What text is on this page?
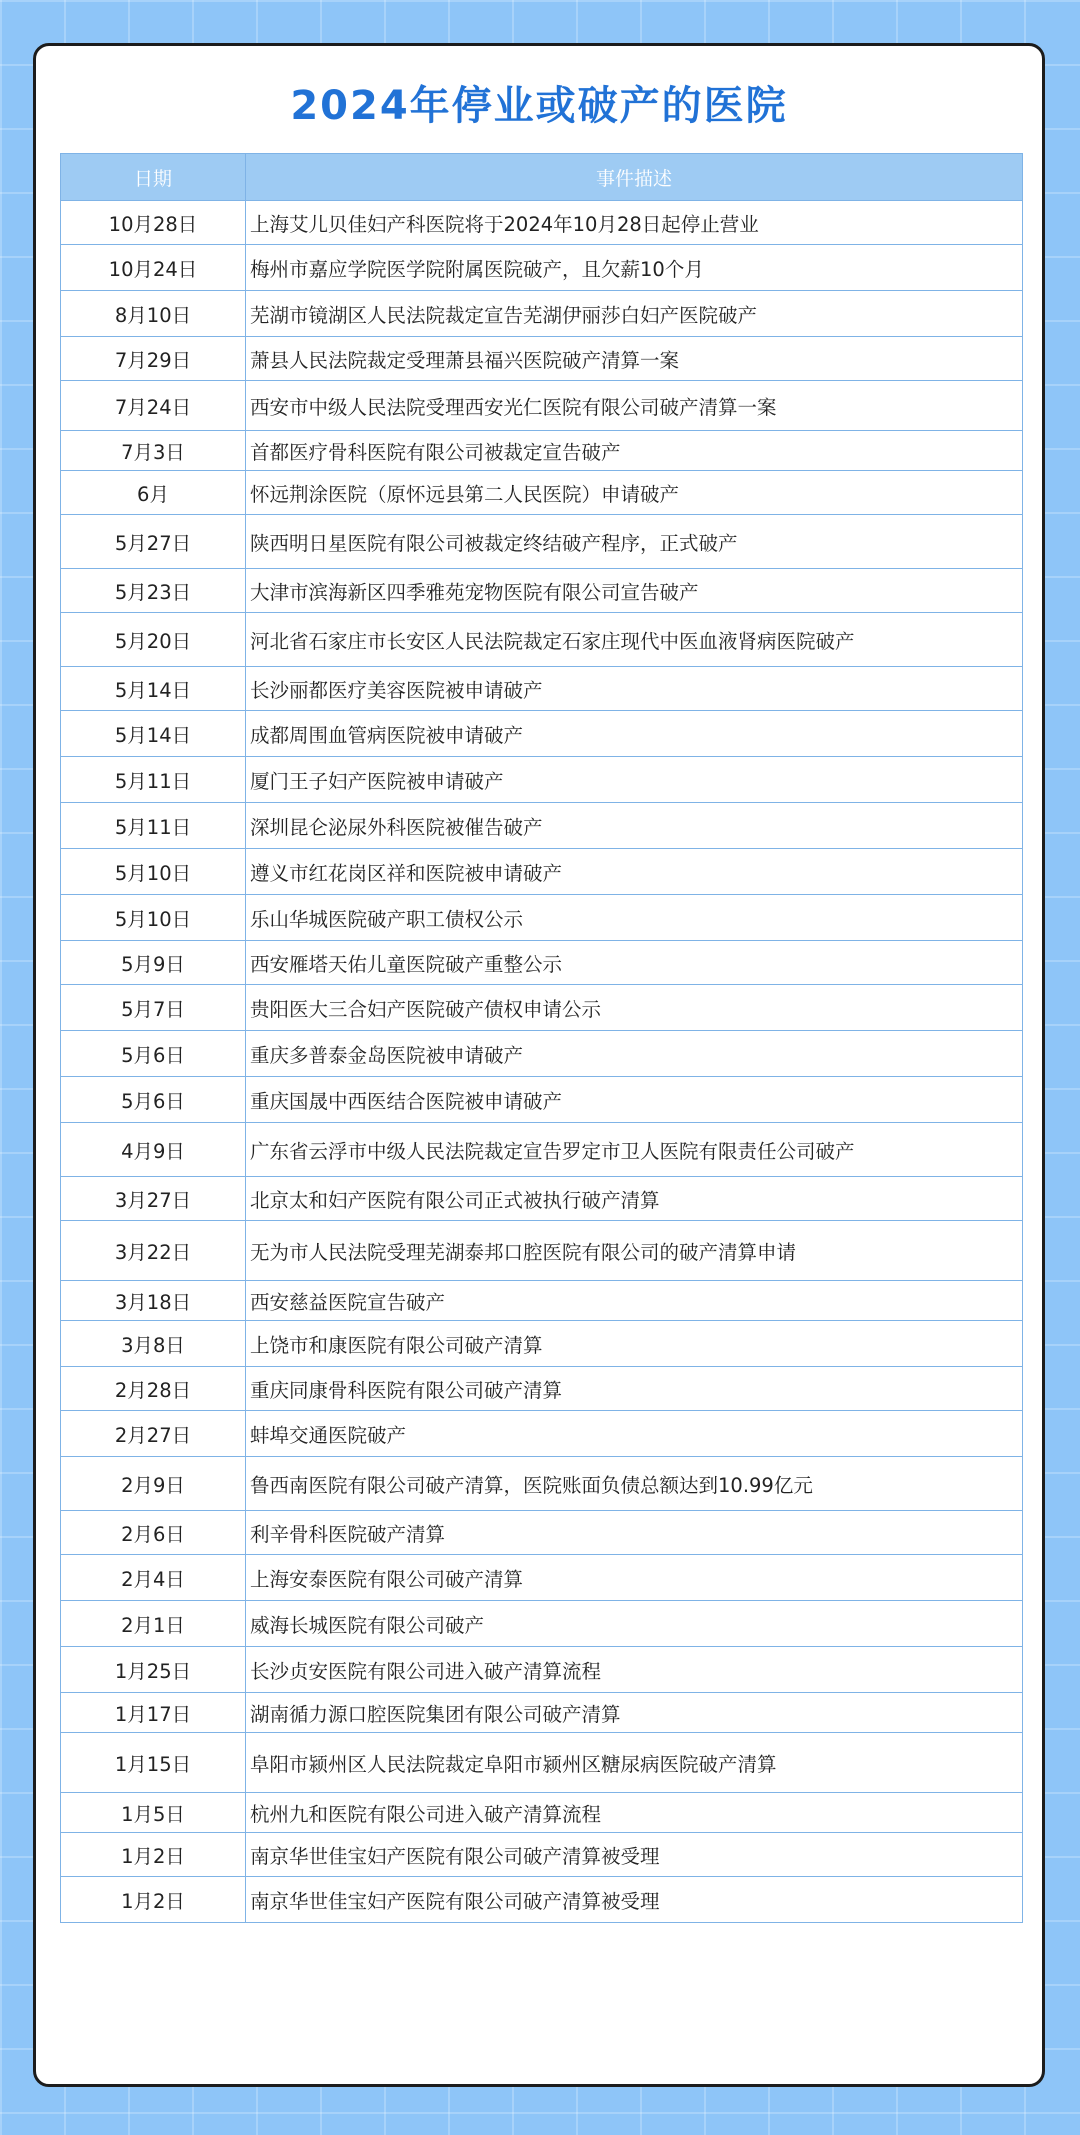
2024年停业或破产的医院
日期	事件描述
10月28日	上海艾儿贝佳妇产科医院将于2024年10月28日起停止营业
10月24日	梅州市嘉应学院医学院附属医院破产，且欠薪10个月
8月10日	芜湖市镜湖区人民法院裁定宣告芜湖伊丽莎白妇产医院破产
7月29日	萧县人民法院裁定受理萧县福兴医院破产清算一案
7月24日	西安市中级人民法院受理西安光仁医院有限公司破产清算一案
7月3日	首都医疗骨科医院有限公司被裁定宣告破产
6月	怀远荆涂医院（原怀远县第二人民医院）申请破产
5月27日	陕西明日星医院有限公司被裁定终结破产程序，正式破产
5月23日	大津市滨海新区四季雅苑宠物医院有限公司宣告破产
5月20日	河北省石家庄市长安区人民法院裁定石家庄现代中医血液肾病医院破产
5月14日	长沙丽都医疗美容医院被申请破产
5月14日	成都周围血管病医院被申请破产
5月11日	厦门王子妇产医院被申请破产
5月11日	深圳昆仑泌尿外科医院被催告破产
5月10日	遵义市红花岗区祥和医院被申请破产
5月10日	乐山华城医院破产职工债权公示
5月9日	西安雁塔天佑儿童医院破产重整公示
5月7日	贵阳医大三合妇产医院破产债权申请公示
5月6日	重庆多普泰金岛医院被申请破产
5月6日	重庆国晟中西医结合医院被申请破产
4月9日	广东省云浮市中级人民法院裁定宣告罗定市卫人医院有限责任公司破产
3月27日	北京太和妇产医院有限公司正式被执行破产清算
3月22日	无为市人民法院受理芜湖泰邦口腔医院有限公司的破产清算申请
3月18日	西安慈益医院宣告破产
3月8日	上饶市和康医院有限公司破产清算
2月28日	重庆同康骨科医院有限公司破产清算
2月27日	蚌埠交通医院破产
2月9日	鲁西南医院有限公司破产清算，医院账面负债总额达到10.99亿元
2月6日	利辛骨科医院破产清算
2月4日	上海安泰医院有限公司破产清算
2月1日	威海长城医院有限公司破产
1月25日	长沙贞安医院有限公司进入破产清算流程
1月17日	湖南循力源口腔医院集团有限公司破产清算
1月15日	阜阳市颍州区人民法院裁定阜阳市颍州区糖尿病医院破产清算
1月5日	杭州九和医院有限公司进入破产清算流程
1月2日	南京华世佳宝妇产医院有限公司破产清算被受理
1月2日	南京华世佳宝妇产医院有限公司破产清算被受理
